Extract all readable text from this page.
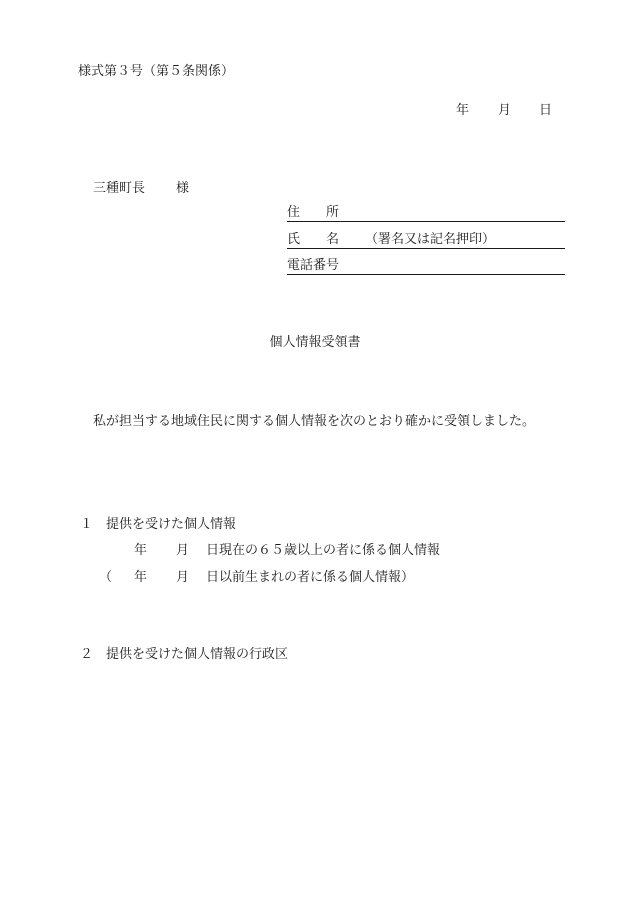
様式第３号（第５条関係）
年 月 日
三種町長 様
住　　所
氏　　名 （署名又は記名押印）
電話番号
個人情報受領書
私が担当する地域住民に関する個人情報を次のとおり確かに受領しました。
１　提供を受けた個人情報
年 月 日現在の６５歳以上の者に係る個人情報
（ 年 月 日以前生まれの者に係る個人情報）
２　提供を受けた個人情報の行政区
